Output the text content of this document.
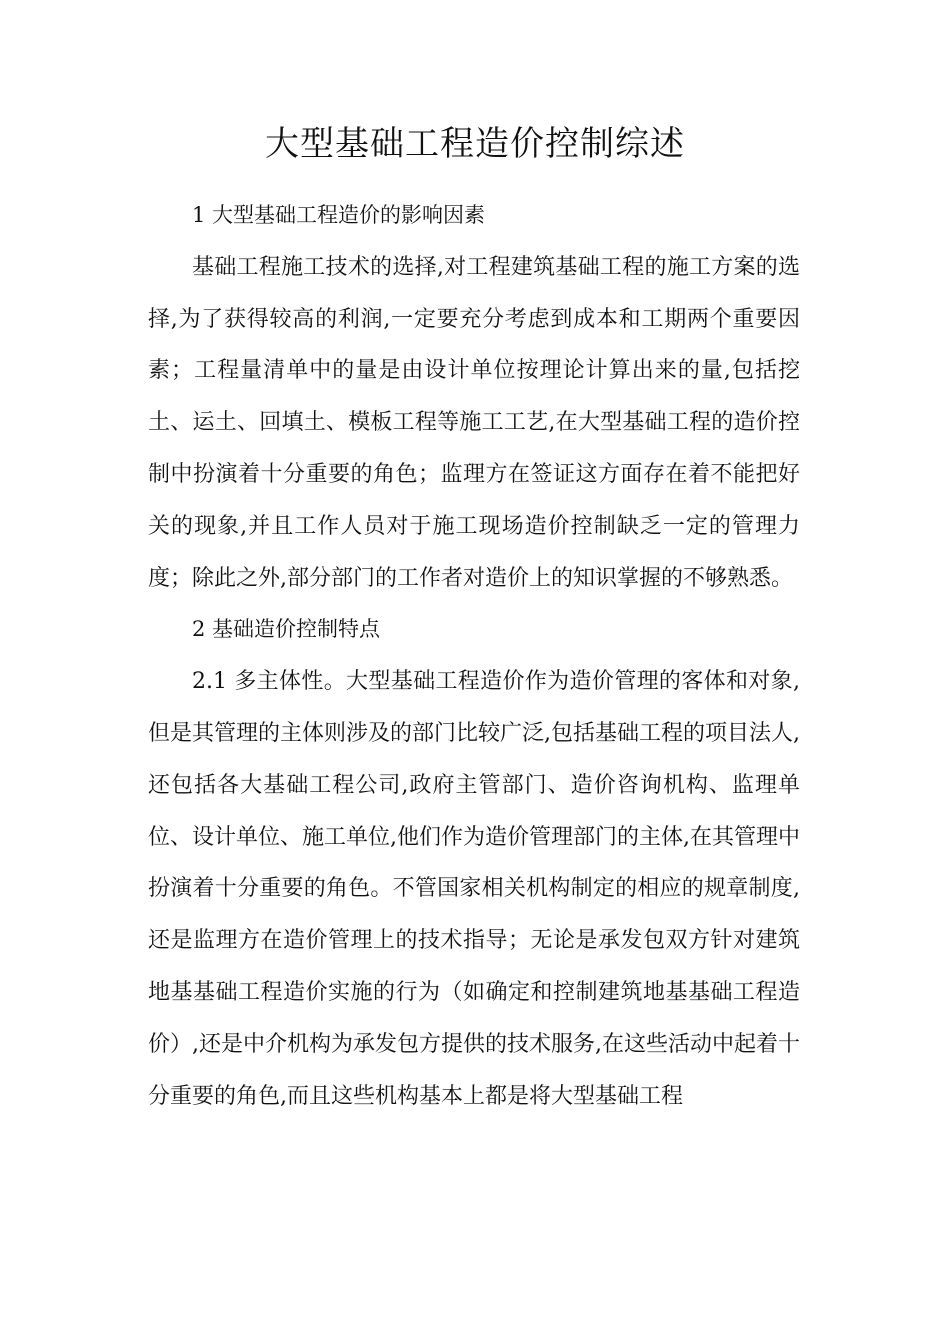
大型基础工程造价控制综述

1 大型基础工程造价的影响因素

基础工程施工技术的选择,对工程建筑基础工程的施工方案的选择,为了获得较高的利润,一定要充分考虑到成本和工期两个重要因素；工程量清单中的量是由设计单位按理论计算出来的量,包括挖土、运土、回填土、模板工程等施工工艺,在大型基础工程的造价控制中扮演着十分重要的角色；监理方在签证这方面存在着不能把好关的现象,并且工作人员对于施工现场造价控制缺乏一定的管理力度；除此之外,部分部门的工作者对造价上的知识掌握的不够熟悉。

2 基础造价控制特点

2.1 多主体性。大型基础工程造价作为造价管理的客体和对象,但是其管理的主体则涉及的部门比较广泛,包括基础工程的项目法人,还包括各大基础工程公司,政府主管部门、造价咨询机构、监理单位、设计单位、施工单位,他们作为造价管理部门的主体,在其管理中扮演着十分重要的角色。不管国家相关机构制定的相应的规章制度,还是监理方在造价管理上的技术指导；无论是承发包双方针对建筑地基基础工程造价实施的行为（如确定和控制建筑地基基础工程造价）,还是中介机构为承发包方提供的技术服务,在这些活动中起着十分重要的角色,而且这些机构基本上都是将大型基础工程
